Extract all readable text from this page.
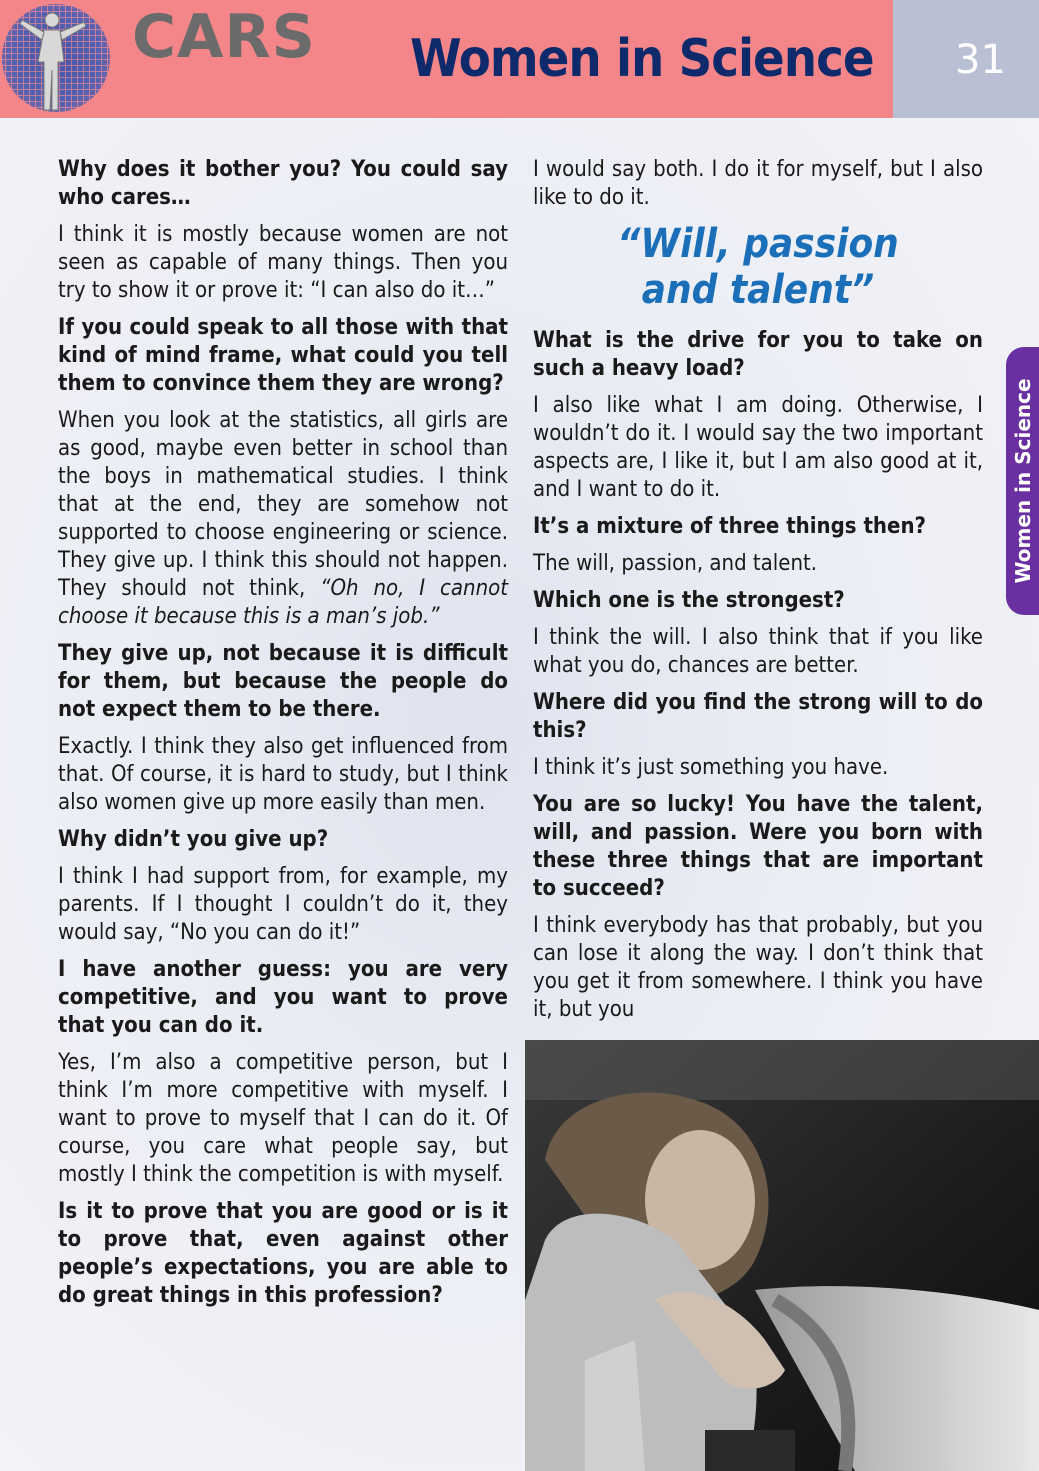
CARS Women in Science 31
Women in Science

Why does it bother you? You could say who cares…

I think it is mostly because women are not seen as capable of many things. Then you try to show it or prove it: “I can also do it…”

If you could speak to all those with that kind of mind frame, what could you tell them to convince them they are wrong?

When you look at the statistics, all girls are as good, maybe even better in school than the boys in mathematical studies. I think that at the end, they are somehow not supported to choose engineering or science. They give up. I think this should not happen. They should not think, “Oh no, I cannot choose it because this is a man’s job.”

They give up, not because it is difficult for them, but because the people do not expect them to be there.

Exactly. I think they also get influenced from that. Of course, it is hard to study, but I think also women give up more easily than men.

Why didn’t you give up?

I think I had support from, for example, my parents. If I thought I couldn’t do it, they would say, “No you can do it!”

I have another guess: you are very competitive, and you want to prove that you can do it.

Yes, I’m also a competitive person, but I think I’m more competitive with myself. I want to prove to myself that I can do it. Of course, you care what people say, but mostly I think the competition is with myself.

Is it to prove that you are good or is it to prove that, even against other people’s expectations, you are able to do great things in this profession?

I would say both. I do it for myself, but I also like to do it.

“Will, passion
and talent”

What is the drive for you to take on such a heavy load?

I also like what I am doing. Otherwise, I wouldn’t do it. I would say the two important aspects are, I like it, but I am also good at it, and I want to do it.

It’s a mixture of three things then?

The will, passion, and talent.

Which one is the strongest?

I think the will. I also think that if you like what you do, chances are better.

Where did you find the strong will to do this?

I think it’s just something you have.

You are so lucky! You have the talent, will, and passion. Were you born with these three things that are important to succeed?

I think everybody has that probably, but you can lose it along the way. I don’t think that you get it from somewhere. I think you have it, but you
